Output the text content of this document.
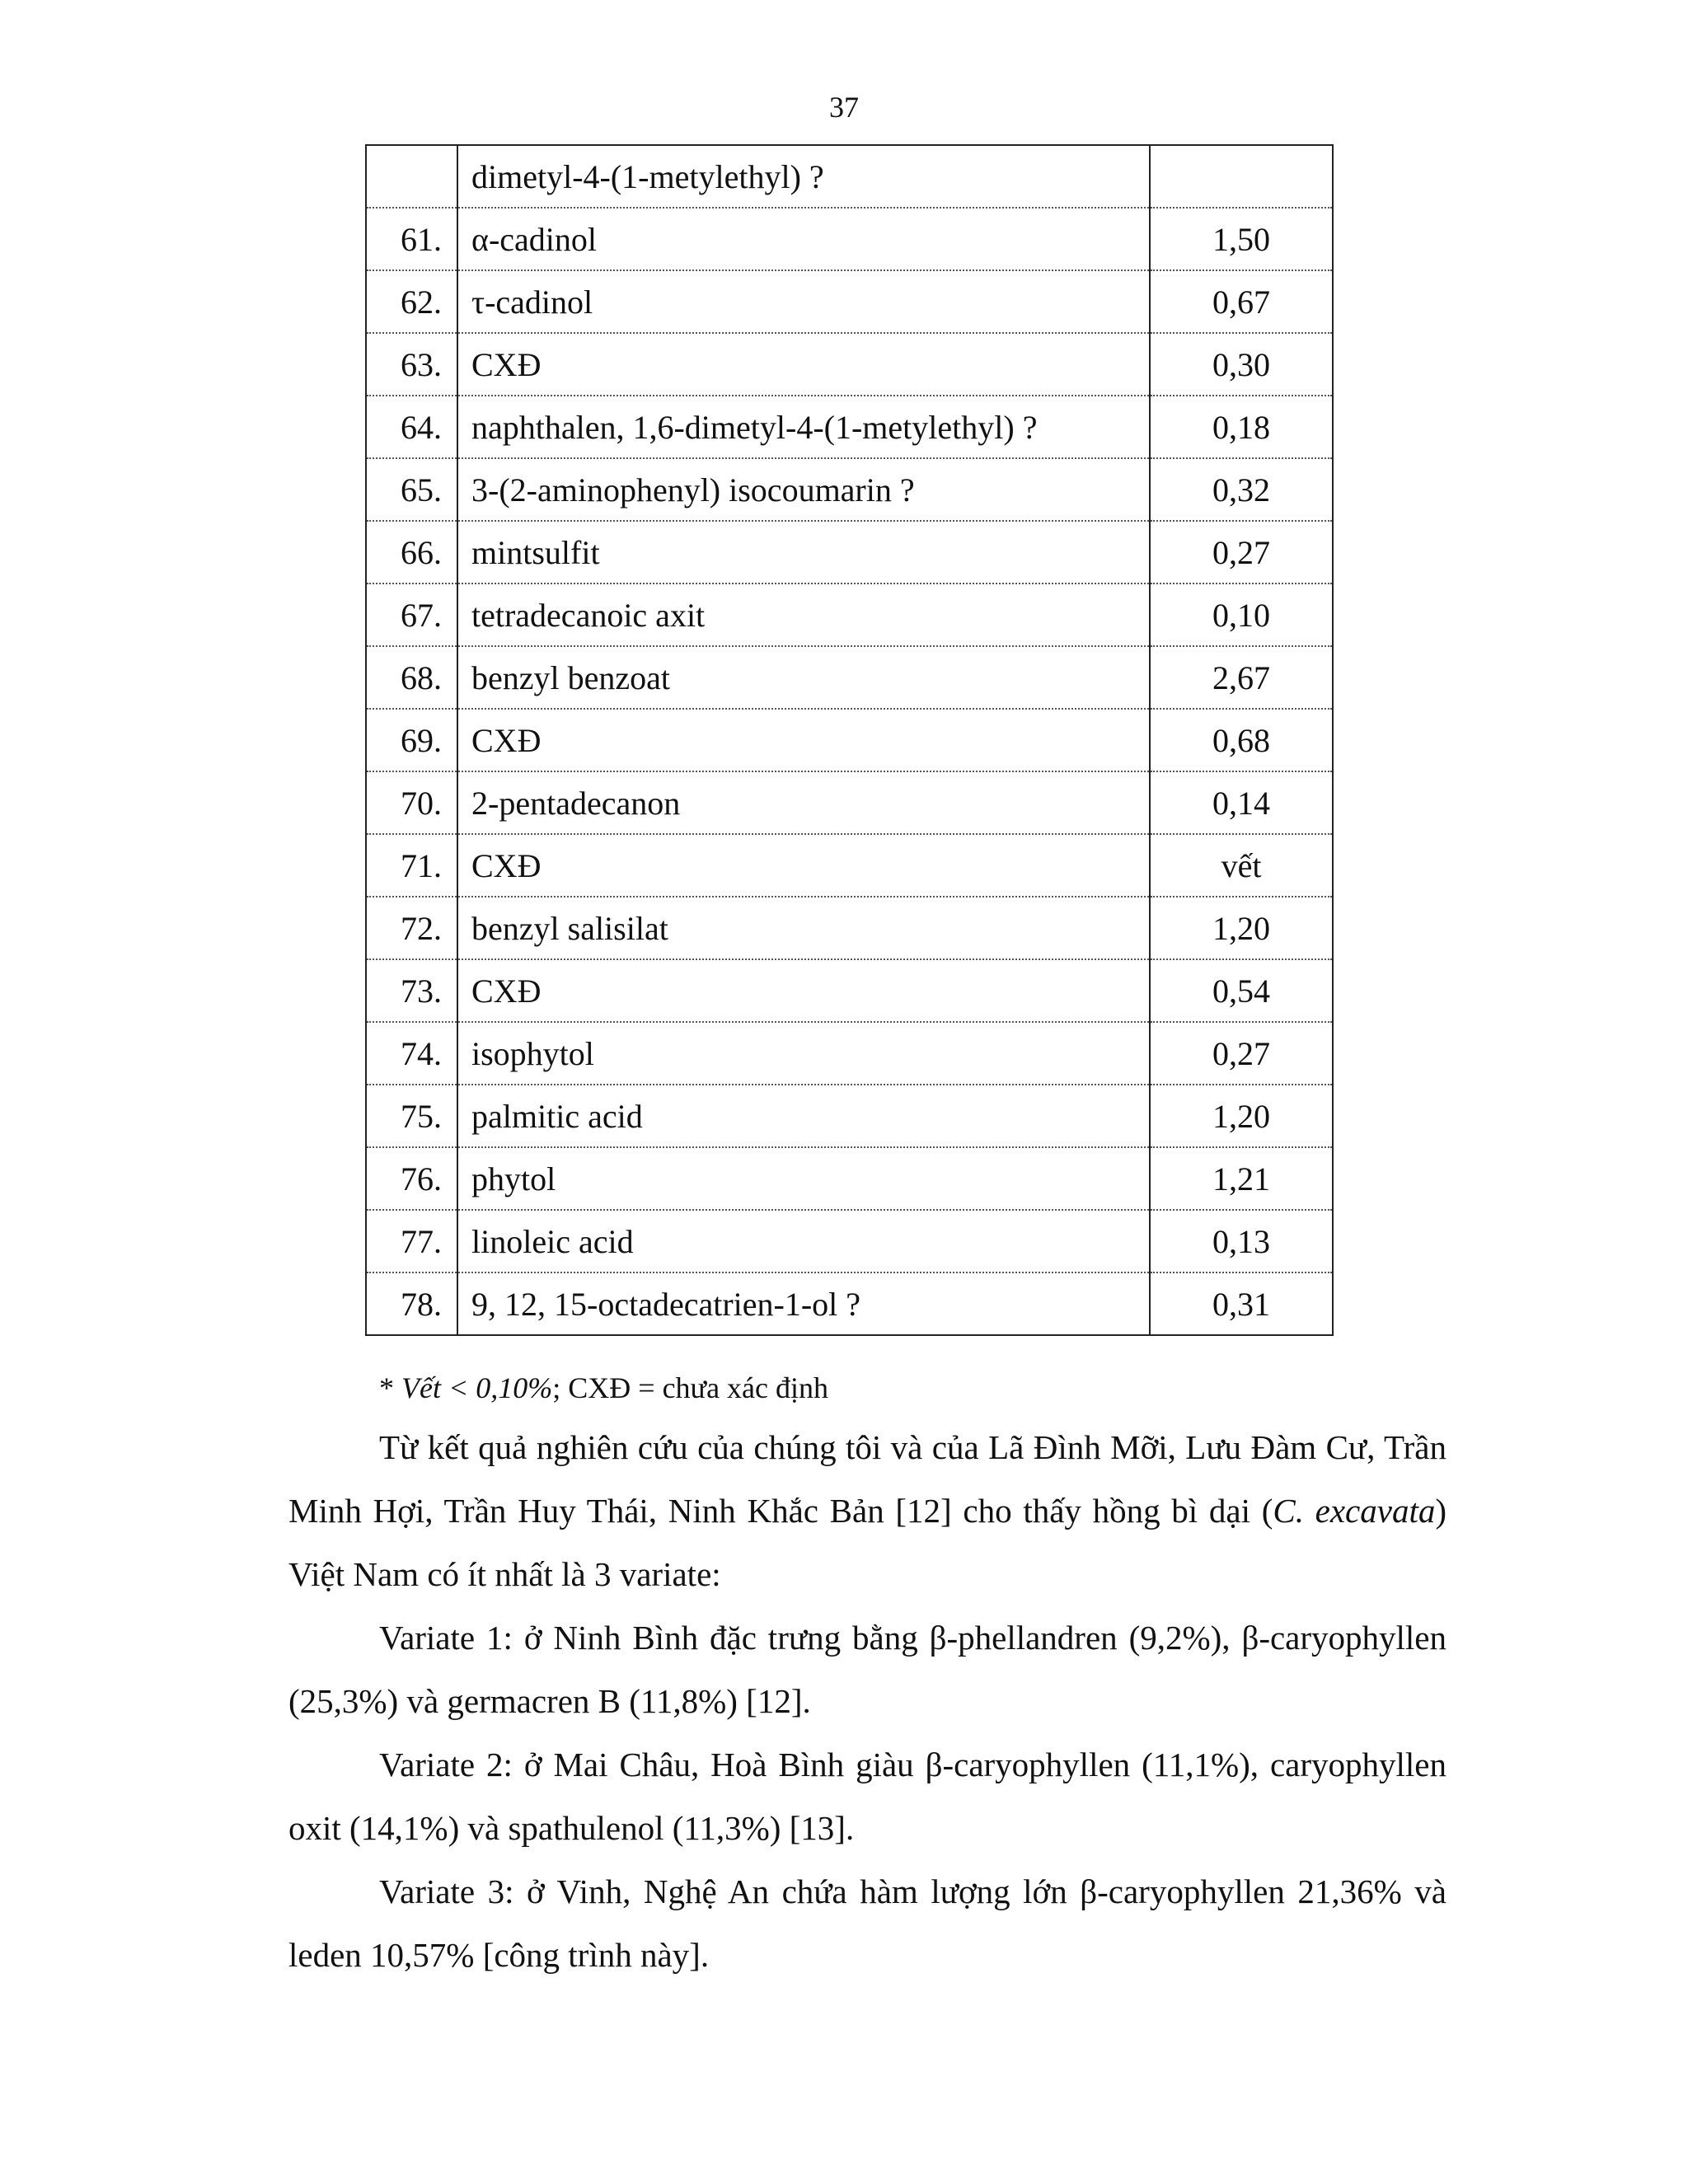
37
	dimetyl-4-(1-metylethyl) ?	
61.	α-cadinol	1,50
62.	τ-cadinol	0,67
63.	CXĐ	0,30
64.	naphthalen, 1,6-dimetyl-4-(1-metylethyl) ?	0,18
65.	3-(2-aminophenyl) isocoumarin ?	0,32
66.	mintsulfit	0,27
67.	tetradecanoic axit	0,10
68.	benzyl benzoat	2,67
69.	CXĐ	0,68
70.	2-pentadecanon	0,14
71.	CXĐ	vết
72.	benzyl salisilat	1,20
73.	CXĐ	0,54
74.	isophytol	0,27
75.	palmitic acid	1,20
76.	phytol	1,21
77.	linoleic acid	0,13
78.	9, 12, 15-octadecatrien-1-ol ?	0,31
* Vết < 0,10%; CXĐ = chưa xác định

Từ kết quả nghiên cứu của chúng tôi và của Lã Đình Mỡi, Lưu Đàm Cư, Trần Minh Hợi, Trần Huy Thái, Ninh Khắc Bản [12] cho thấy hồng bì dại (C. excavata) Việt Nam có ít nhất là 3 variate:

Variate 1: ở Ninh Bình đặc trưng bằng β-phellandren (9,2%), β-caryophyllen (25,3%) và germacren B (11,8%) [12].

Variate 2: ở Mai Châu, Hoà Bình giàu β-caryophyllen (11,1%), caryophyllen oxit (14,1%) và spathulenol (11,3%) [13].

Variate 3: ở Vinh, Nghệ An chứa hàm lượng lớn β-caryophyllen 21,36% và leden 10,57% [công trình này].
